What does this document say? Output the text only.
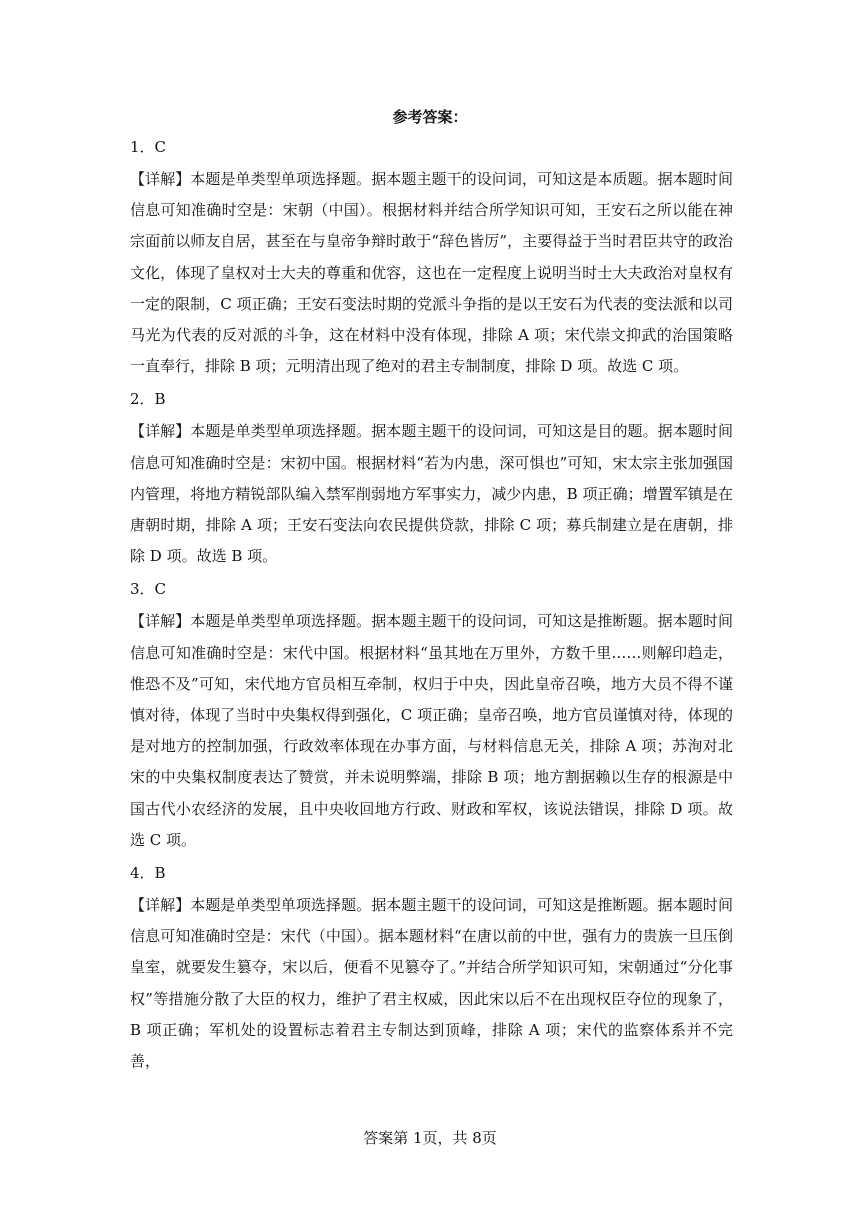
参考答案：
1．C

【详解】本题是单类型单项选择题。据本题主题干的设问词，可知这是本质题。据本题时间信息可知准确时空是：宋朝（中国）。根据材料并结合所学知识可知，王安石之所以能在神宗面前以师友自居，甚至在与皇帝争辩时敢于“辞色皆厉”，主要得益于当时君臣共守的政治文化，体现了皇权对士大夫的尊重和优容，这也在一定程度上说明当时士大夫政治对皇权有一定的限制，C 项正确；王安石变法时期的党派斗争指的是以王安石为代表的变法派和以司马光为代表的反对派的斗争，这在材料中没有体现，排除 A 项；宋代崇文抑武的治国策略一直奉行，排除 B 项；元明清出现了绝对的君主专制制度，排除 D 项。故选 C 项。

2．B

【详解】本题是单类型单项选择题。据本题主题干的设问词，可知这是目的题。据本题时间信息可知准确时空是：宋初中国。根据材料“若为内患，深可惧也”可知，宋太宗主张加强国内管理，将地方精锐部队编入禁军削弱地方军事实力，减少内患，B 项正确；增置军镇是在唐朝时期，排除 A 项；王安石变法向农民提供贷款，排除 C 项；募兵制建立是在唐朝，排除 D 项。故选 B 项。

3．C

【详解】本题是单类型单项选择题。据本题主题干的设问词，可知这是推断题。据本题时间信息可知准确时空是：宋代中国。根据材料“虽其地在万里外，方数千里……则解印趋走，惟恐不及”可知，宋代地方官员相互牵制，权归于中央，因此皇帝召唤，地方大员不得不谨慎对待，体现了当时中央集权得到强化，C 项正确；皇帝召唤，地方官员谨慎对待，体现的是对地方的控制加强，行政效率体现在办事方面，与材料信息无关，排除 A 项；苏洵对北宋的中央集权制度表达了赞赏，并未说明弊端，排除 B 项；地方割据赖以生存的根源是中国古代小农经济的发展，且中央收回地方行政、财政和军权，该说法错误，排除 D 项。故选 C 项。

4．B

【详解】本题是单类型单项选择题。据本题主题干的设问词，可知这是推断题。据本题时间信息可知准确时空是：宋代（中国）。据本题材料“在唐以前的中世，强有力的贵族一旦压倒皇室，就要发生篡夺，宋以后，便看不见篡夺了。”并结合所学知识可知，宋朝通过“分化事权”等措施分散了大臣的权力，维护了君主权威，因此宋以后不在出现权臣夺位的现象了，B 项正确；军机处的设置标志着君主专制达到顶峰，排除 A 项；宋代的监察体系并不完善，

答案第 1页，共 8页
